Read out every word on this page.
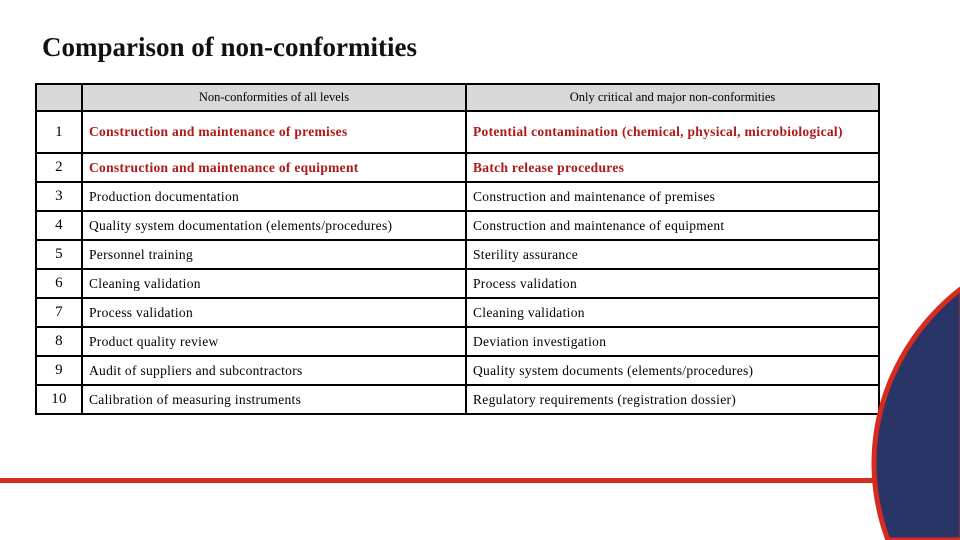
Comparison of non-conformities
	Non-conformities of all levels	Only critical and major non-conformities
1	Construction and maintenance of premises	Potential contamination (chemical, physical, microbiological)
2	Construction and maintenance of equipment	Batch release procedures
3	Production documentation	Construction and maintenance of premises
4	Quality system documentation (elements/procedures)	Construction and maintenance of equipment
5	Personnel training	Sterility assurance
6	Cleaning validation	Process validation
7	Process validation	Cleaning validation
8	Product quality review	Deviation investigation
9	Audit of suppliers and subcontractors	Quality system documents (elements/procedures)
10	Calibration of measuring instruments	Regulatory requirements (registration dossier)
